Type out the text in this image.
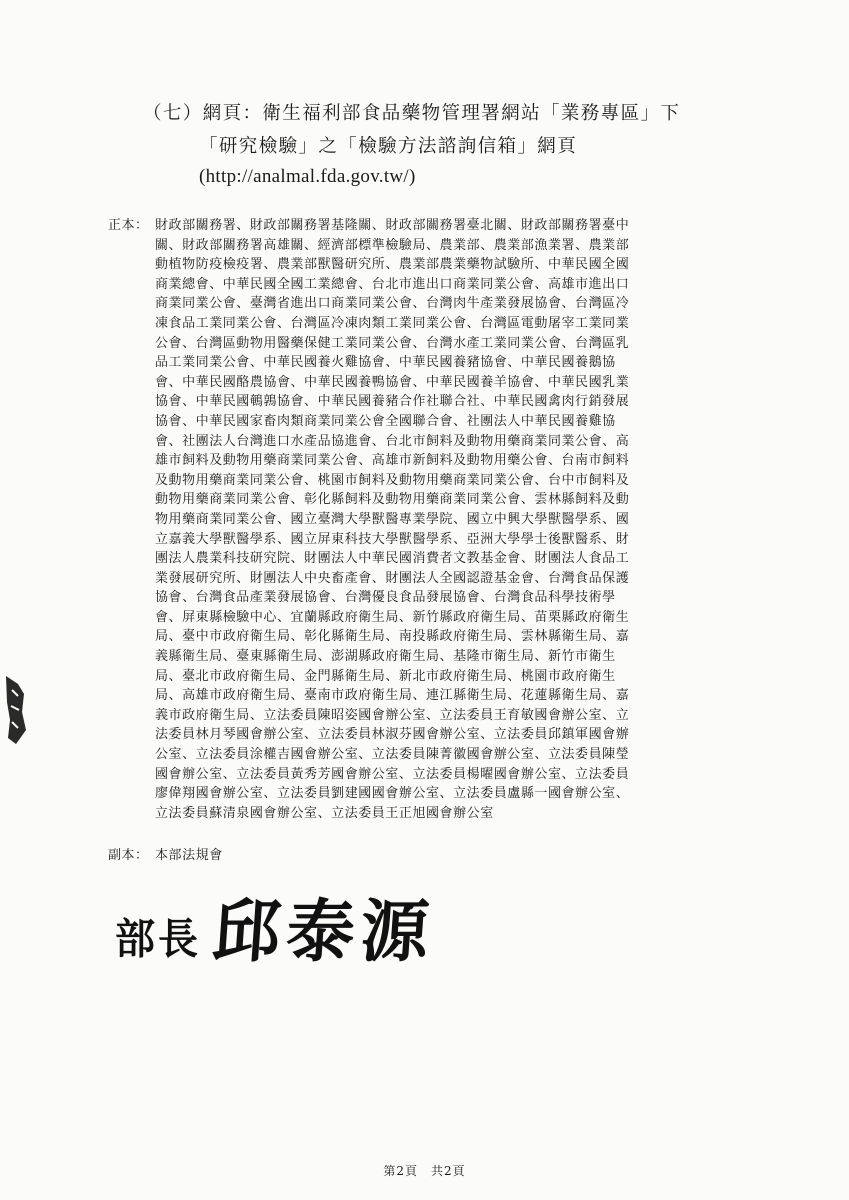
（七）網頁：衛生福利部食品藥物管理署網站「業務專區」下
「研究檢驗」之「檢驗方法諮詢信箱」網頁
(http://analmal.fda.gov.tw/)
正本： 財政部關務署、財政部關務署基隆關、財政部關務署臺北關、財政部關務署臺中
關、財政部關務署高雄關、經濟部標準檢驗局、農業部、農業部漁業署、農業部
動植物防疫檢疫署、農業部獸醫研究所、農業部農業藥物試驗所、中華民國全國
商業總會、中華民國全國工業總會、台北市進出口商業同業公會、高雄市進出口
商業同業公會、臺灣省進出口商業同業公會、台灣肉牛產業發展協會、台灣區冷
凍食品工業同業公會、台灣區冷凍肉類工業同業公會、台灣區電動屠宰工業同業
公會、台灣區動物用醫藥保健工業同業公會、台灣水產工業同業公會、台灣區乳
品工業同業公會、中華民國養火雞協會、中華民國養豬協會、中華民國養鵝協
會、中華民國酪農協會、中華民國養鴨協會、中華民國養羊協會、中華民國乳業
協會、中華民國鵪鶉協會、中華民國養豬合作社聯合社、中華民國禽肉行銷發展
協會、中華民國家畜肉類商業同業公會全國聯合會、社團法人中華民國養雞協
會、社團法人台灣進口水產品協進會、台北市飼料及動物用藥商業同業公會、高
雄市飼料及動物用藥商業同業公會、高雄市新飼料及動物用藥公會、台南市飼料
及動物用藥商業同業公會、桃園市飼料及動物用藥商業同業公會、台中市飼料及
動物用藥商業同業公會、彰化縣飼料及動物用藥商業同業公會、雲林縣飼料及動
物用藥商業同業公會、國立臺灣大學獸醫專業學院、國立中興大學獸醫學系、國
立嘉義大學獸醫學系、國立屏東科技大學獸醫學系、亞洲大學學士後獸醫系、財
團法人農業科技研究院、財團法人中華民國消費者文教基金會、財團法人食品工
業發展研究所、財團法人中央畜產會、財團法人全國認證基金會、台灣食品保護
協會、台灣食品產業發展協會、台灣優良食品發展協會、台灣食品科學技術學
會、屏東縣檢驗中心、宜蘭縣政府衛生局、新竹縣政府衛生局、苗栗縣政府衛生
局、臺中市政府衛生局、彰化縣衛生局、南投縣政府衛生局、雲林縣衛生局、嘉
義縣衛生局、臺東縣衛生局、澎湖縣政府衛生局、基隆市衛生局、新竹市衛生
局、臺北市政府衛生局、金門縣衛生局、新北市政府衛生局、桃園市政府衛生
局、高雄市政府衛生局、臺南市政府衛生局、連江縣衛生局、花蓮縣衛生局、嘉
義市政府衛生局、立法委員陳昭姿國會辦公室、立法委員王育敏國會辦公室、立
法委員林月琴國會辦公室、立法委員林淑芬國會辦公室、立法委員邱鎮軍國會辦
公室、立法委員涂權吉國會辦公室、立法委員陳菁徽國會辦公室、立法委員陳瑩
國會辦公室、立法委員黃秀芳國會辦公室、立法委員楊曜國會辦公室、立法委員
廖偉翔國會辦公室、立法委員劉建國國會辦公室、立法委員盧縣一國會辦公室、
立法委員蘇清泉國會辦公室、立法委員王正旭國會辦公室
副本： 本部法規會
部長 邱泰源
第2頁　共2頁
